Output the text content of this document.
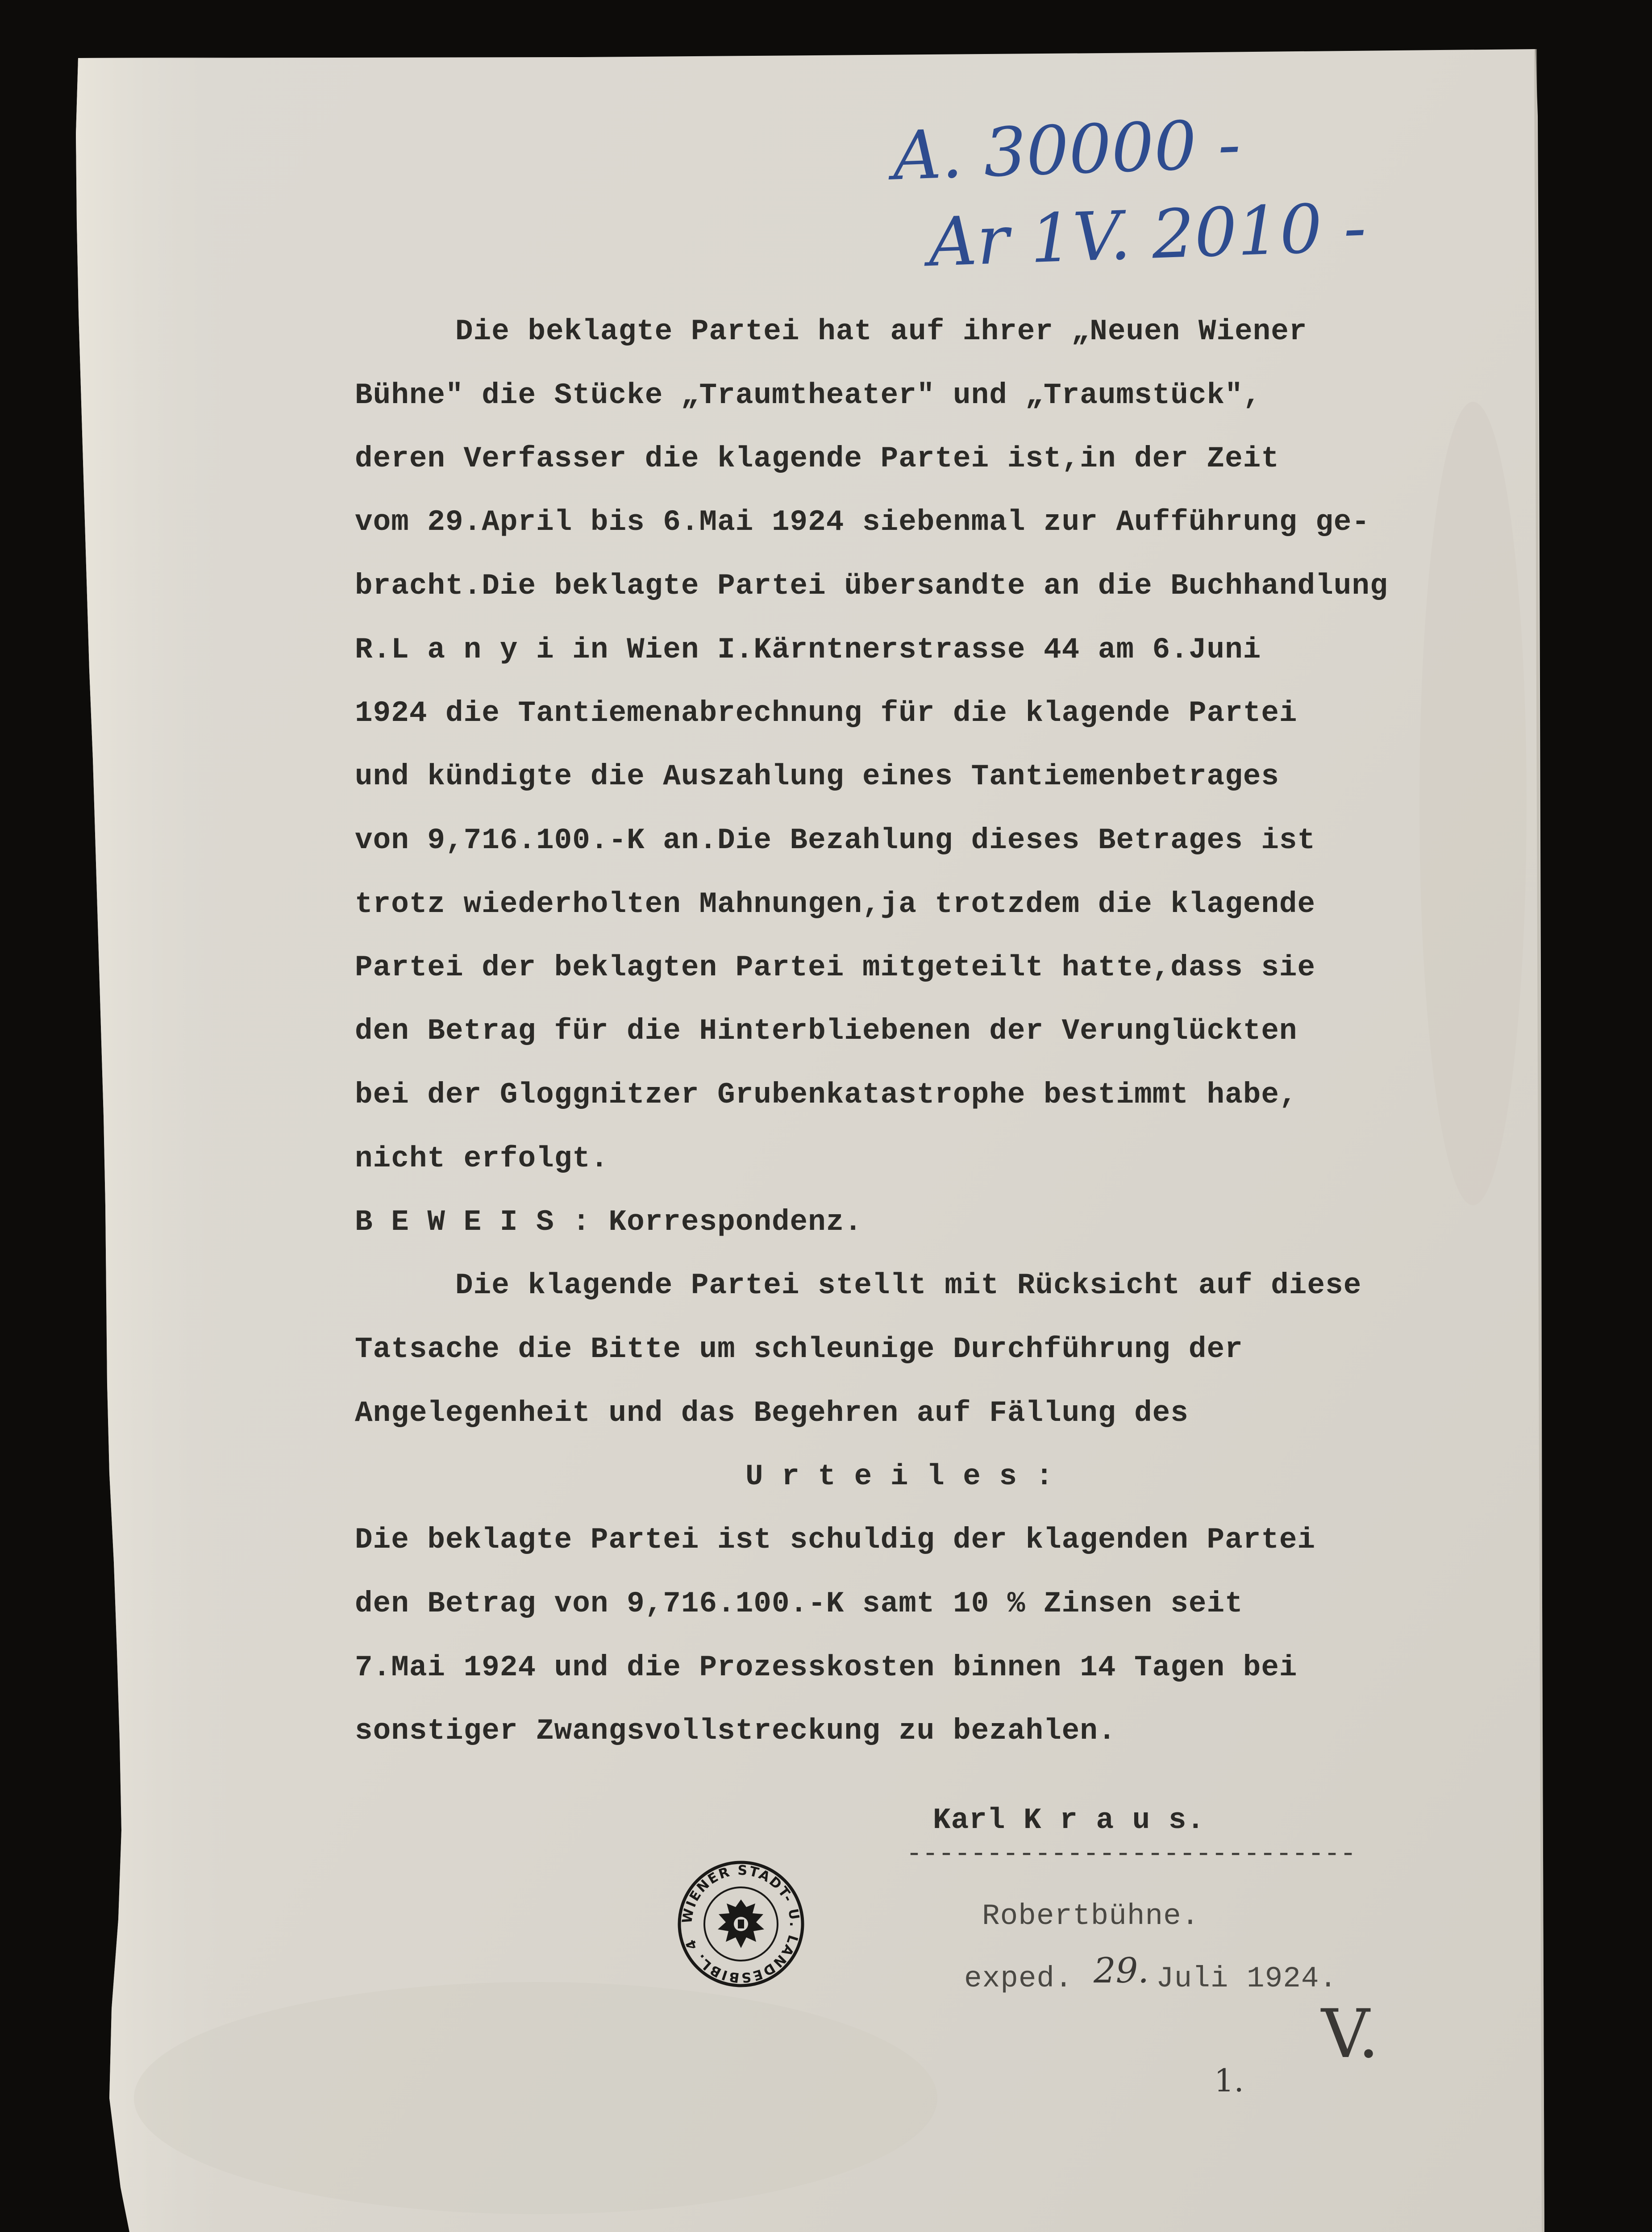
A. 30000 -
Ar 1V. 2010 -
Die beklagte Partei hat auf ihrer „Neuen Wiener
Bühne" die Stücke „Traumtheater" und „Traumstück",
deren Verfasser die klagende Partei ist,in der Zeit
vom 29.April bis 6.Mai 1924 siebenmal zur Aufführung ge-
bracht.Die beklagte Partei übersandte an die Buchhandlung
R.L a n y i in Wien I.Kärntnerstrasse 44 am 6.Juni
1924 die Tantiemenabrechnung für die klagende Partei
und kündigte die Auszahlung eines Tantiemenbetrages
von 9,716.100.-K an.Die Bezahlung dieses Betrages ist
trotz wiederholten Mahnungen,ja trotzdem die klagende
Partei der beklagten Partei mitgeteilt hatte,dass sie
den Betrag für die Hinterbliebenen der Verunglückten
bei der Gloggnitzer Grubenkatastrophe bestimmt habe,
nicht erfolgt.
B E W E I S : Korrespondenz.
Die klagende Partei stellt mit Rücksicht auf diese
Tatsache die Bitte um schleunige Durchführung der
Angelegenheit und das Begehren auf Fällung des
U r t e i l e s :
Die beklagte Partei ist schuldig der klagenden Partei
den Betrag von 9,716.100.-K samt 10 % Zinsen seit
7.Mai 1924 und die Prozesskosten binnen 14 Tagen bei
sonstiger Zwangsvollstreckung zu bezahlen.
Karl K r a u s.
----------------------------
Robertbühne.
exped. 29. Juli 1924.
WIENER STADT- U. LANDESBIBL. 4
V.
1.
